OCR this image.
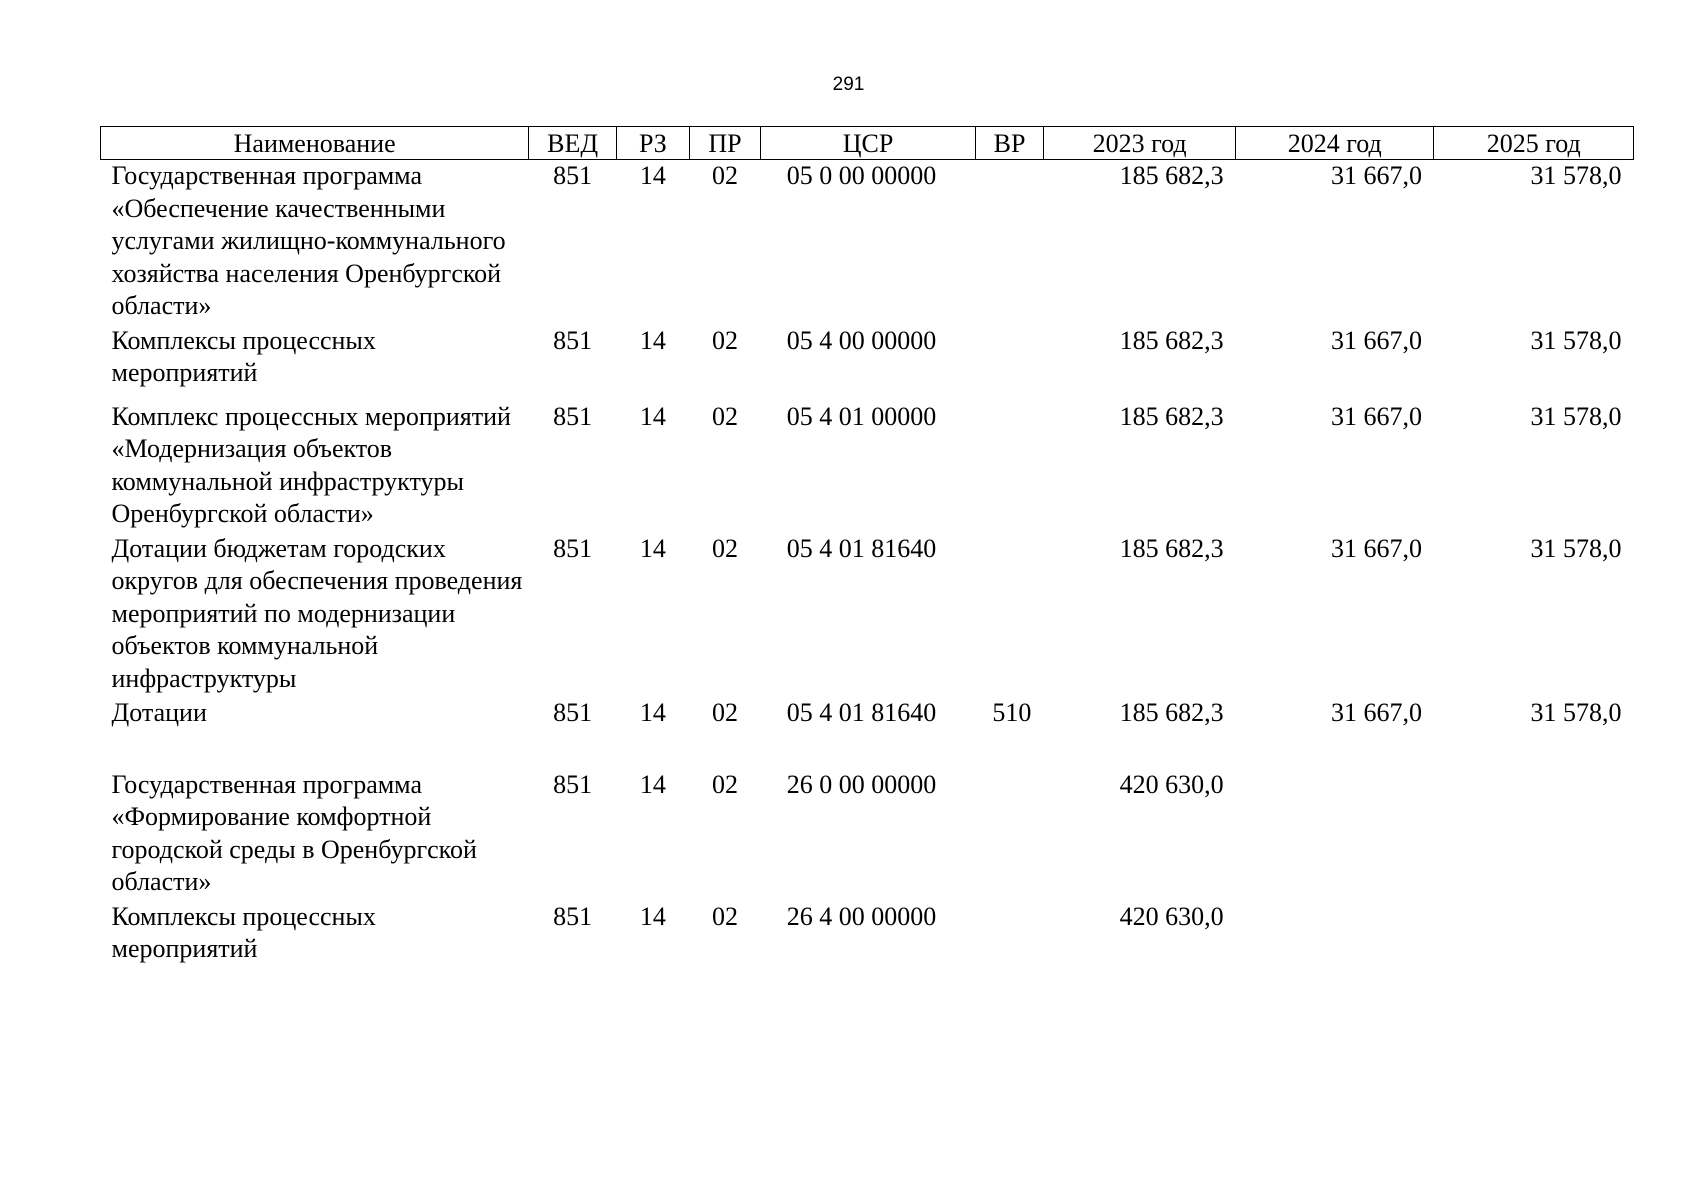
291
Наименование	ВЕД	РЗ	ПР	ЦСР	ВР	2023 год	2024 год	2025 год
Государственная программа «Обеспечение качественными услугами жилищно-коммунального хозяйства населения Оренбургской области»	851	14	02	05 0 00 00000		185 682,3	31 667,0	31 578,0
Комплексы процессных мероприятий	851	14	02	05 4 00 00000		185 682,3	31 667,0	31 578,0
Комплекс процессных мероприятий «Модернизация объектов коммунальной инфраструктуры Оренбургской области»	851	14	02	05 4 01 00000		185 682,3	31 667,0	31 578,0
Дотации бюджетам городских округов для обеспечения проведения мероприятий по модернизации объектов коммунальной инфраструктуры	851	14	02	05 4 01 81640		185 682,3	31 667,0	31 578,0
Дотации	851	14	02	05 4 01 81640	510	185 682,3	31 667,0	31 578,0
Государственная программа «Формирование комфортной городской среды в Оренбургской области»	851	14	02	26 0 00 00000		420 630,0		
Комплексы процессных мероприятий	851	14	02	26 4 00 00000		420 630,0		
